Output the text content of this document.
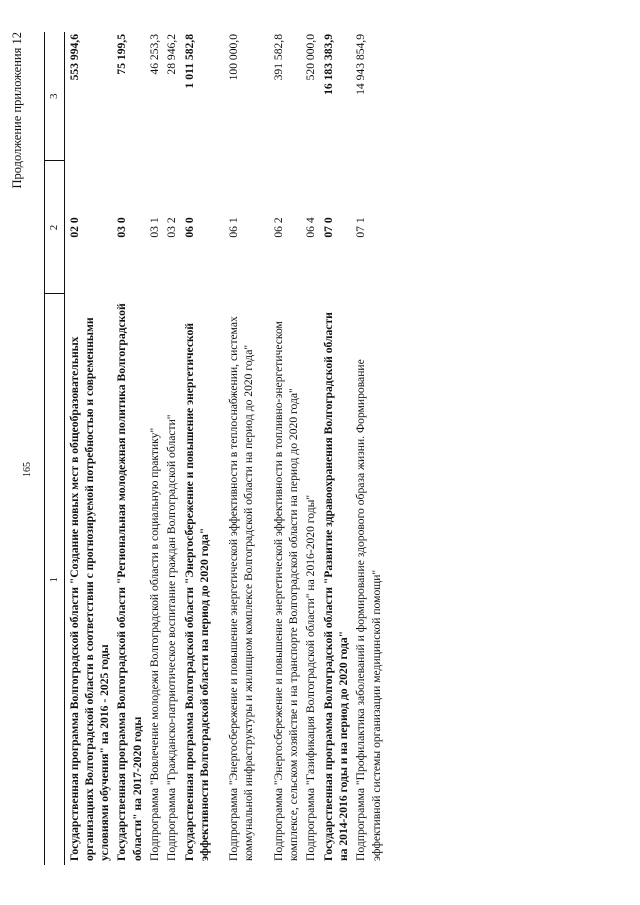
165
Продолжение приложения 12
1	2	3
Государственная программа Волгоградской области "Создание новых мест в общеобразовательных организациях Волгоградской области в соответствии с прогнозируемой потребностью и современными условиями обучения" на 2016 - 2025 годы	02 0	553 994,6
Государственная программа Волгоградской области "Региональная молодежная политика Волгоградской области" на 2017-2020 годы	03 0	75 199,5
Подпрограмма "Вовлечение молодежи Волгоградской области в социальную практику"	03 1	46 253,3
Подпрограмма "Гражданско-патриотическое воспитание граждан Волгоградской области"	03 2	28 946,2
Государственная программа Волгоградской области "Энергосбережение и повышение энергетической эффективности Волгоградской области на период до 2020 года"	06 0	1 011 582,8
Подпрограмма "Энергосбережение и повышение энергетической эффективности в теплоснабжении, системах коммунальной инфраструктуры и жилищном комплексе Волгоградской области на период до 2020 года"	06 1	100 000,0
Подпрограмма "Энергосбережение и повышение энергетической эффективности в топливно-энергетическом комплексе, сельском хозяйстве и на транспорте Волгоградской области на период до 2020 года"	06 2	391 582,8
Подпрограмма "Газификация Волгоградской области" на 2016-2020 годы"	06 4	520 000,0
Государственная программа Волгоградской области "Развитие здравоохранения Волгоградской области на 2014-2016 годы и на период до 2020 года"	07 0	16 183 383,9
Подпрограмма "Профилактика заболеваний и формирование здорового образа жизни. Формирование эффективной системы организации медицинской помощи"	07 1	14 943 854,9
